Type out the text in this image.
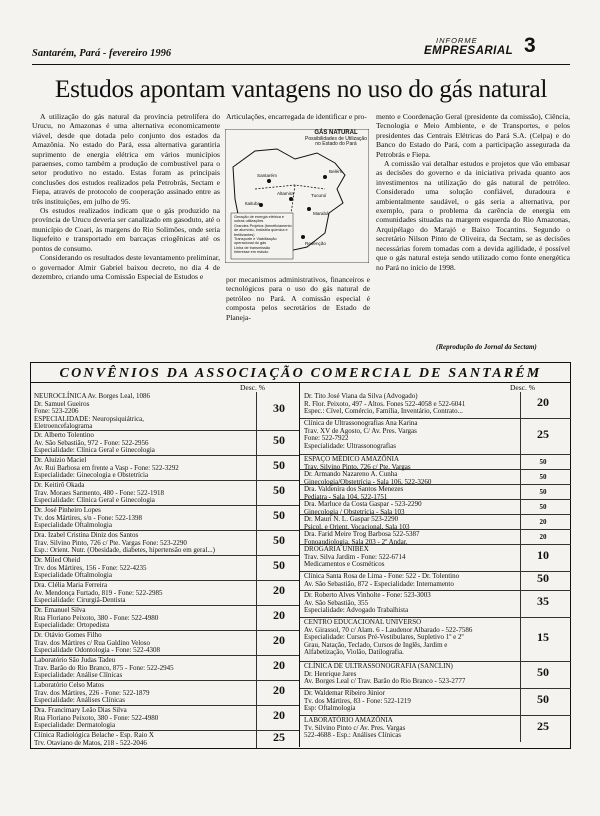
Santarém, Pará - fevereiro 1996
INFORME
EMPRESARIAL 3
Estudos apontam vantagens no uso do gás natural

A utilização do gás natural da província petrolífera do Urucu, no Amazonas é uma alternativa economicamente viável, desde que dotada pelo conjunto dos estados da Amazônia. No estado do Pará, essa alternativa garantiria suprimento de energia elétrica em vários municípios paraenses, como também a produção de combustível para o setor produtivo no estado. Estas foram as principais conclusões dos estudos realizados pela Petrobrás, Sectam e Fiepa, através de protocolo de cooperação assinado entre as três instituições, em julho de 95.

Os estudos realizados indicam que o gás produzido na província de Urucu deveria ser canalizado em gasoduto, até o município de Coari, às margens do Rio Solimões, onde seria liquefeito e transportado em barcaças criogênicas até os pontos de consumo.

Considerando os resultados deste levantamento preliminar, o governador Almir Gabriel baixou decreto, no dia 4 de dezembro, criando uma Comissão Especial de Estudos e

Articulações, encarregada de identificar e pro-

GÁS NATURAL
Possibilidades de Utilização no Estado do Pará
Santarém
Altamira
Marabá
Belém
Tucuruí
Itaituba
Redenção
Geração de energia elétrica e outras utilizações
Grandes Projetos (beneficiamento de alumínio, indústria química e fertilizantes)
Transporte e Viabilização operacional do gás
Linha de transmissão
Interesse em estudo

por mecanismos administrativos, financeiros e tecnológicos para o uso do gás natural de petróleo no Pará. A comissão especial é composta pelos secretários de Estado de Planeja-

mento e Coordenação Geral (presidente da comissão), Ciência, Tecnologia e Meio Ambiente, e de Transportes, e pelos presidentes das Centrais Elétricas do Pará S.A. (Celpa) e do Banco do Estado do Pará, com a participação assegurada da Petrobrás e Fiepa.

A comissão vai detalhar estudos e projetos que vão embasar as decisões do governo e da iniciativa privada quanto aos investimentos na utilização do gás natural de petróleo. Considerado uma solução confiável, duradoura e ambientalmente saudável, o gás seria a alternativa, por exemplo, para o problema da carência de energia em comunidades situadas na margem esquerda do Rio Amazonas, Arquipélago do Marajó e Baixo Tocantins. Segundo o secretário Nilson Pinto de Oliveira, da Sectam, se as decisões necessárias forem tomadas com a devida agilidade, é possível que o gás natural esteja sendo utilizado como fonte energética no Pará no início de 1998.

(Reprodução do Jornal da Sectam)
CONVÊNIOS DA ASSOCIAÇÃO COMERCIAL DE SANTARÉM
Desc. %	Desc. %
NEUROCLÍNICA Av. Borges Leal, 1086
Dr. Samuel Gueiros
Fone: 523-2206
ESPECIALIDADE: Neuropsiquiátrica,
Eletroencefalograma
30
Dr. Alberto Tolentino
Av. São Sebastião, 972 - Fone: 522-2956
Especialidade: Clínica Geral e Ginecologia
50
Dr. Aluízio Maciel
Av. Rui Barbosa em frente a Vasp - Fone: 522-3292
Especialidade: Ginecologia e Obstetrícia
50
Dr. Keitirô Okada
Trav. Moraes Sarmento, 480 - Fone: 522-1918
Especialidade: Clínica Geral e Ginecologia
50
Dr. José Pinheiro Lopes
Tv. dos Mártires, s/n - Fone: 522-1398
Especialidade Oftalmologia
50
Dra. Izabel Cristina Diniz dos Santos
Trav. Silvino Pinto, 726 c/ Pte. Vargas Fone: 523-2290
Esp.: Orient. Nutr. (Obesidade, diabetes, hipertensão em geral...)
50
Dr. Miled Oheid
Trv. dos Mártires, 156 - Fone: 522-4235
Especialidade Oftalmologia
50
Dra. Clélia Maria Ferreira
Av. Mendonça Furtado, 819 - Fone: 522-2985
Especialidade: Cirurgiã-Dentista
20
Dr. Emanuel Silva
Rua Floriano Peixoto, 380 - Fone: 522-4980
Especialidade: Ortopedista
20
Dr. Otávio Gomes Filho
Trav. dos Mártires c/ Rua Galdino Veloso
Especialidade Odontologia - Fone: 522-4308
20
Laboratório São Judas Tadeu
Trav. Barão do Rio Branco, 875 - Fone: 522-2945
Especialidade: Análise Clínicas
20
Laboratório Celso Matos
Trav. dos Mártires, 226 - Fone: 522-1879
Especialidade: Análises Clínicas
20
Dra. Francimary Leão Dias Silva
Rua Floriano Peixoto, 380 - Fone: 522-4980
Especialidade: Dermatologia
20
Clínica Radiológica Belache - Esp. Raio X
Trv. Otaviano de Matos, 218 - 522-2046	25
Dr. Tito José Viana da Silva (Advogado)
R. Flor. Peixoto, 497 - Altos. Fones 522-4058 e 522-6041
Espec.: Cível, Comércio, Família, Inventário, Contrato...
20
Clínica de Ultrassonografias Ana Karina
Trav. XV de Agosto, C/ Av. Pres. Vargas
Fone: 522-7922
Especialidade: Ultrassonografias
25
ESPAÇO MÉDICO AMAZÔNIA
Trav. Silvino Pinto, 726 c/ Pte. Vargas
50
Dr. Armando Nazareno A. Cunha
Ginecologia/Obstetrícia - Sala 106, 522-3260
50
Dra. Valdeníra dos Santos Menezes
Pediatra - Sala 104, 522-1751
50
Dra. Marluce da Costa Gaspar - 523-2290
Ginecologia / Obstetrícia - Sala 103
50
Dr. Mauri N. L. Gaspar 523-2290
Psicol. e Orient. Vocacional, Sala 103
20
Dra. Farid Meire Trog Barbosa 522-5387
Fonoaudiologia, Sala 203 - 2º Andar.
20
DROGARIA UNIBEX
Trav. Silva Jardim - Fone: 522-6714
Medicamentos e Cosméticos
10
Clínica Santa Rosa de Lima - Fone: 522 - Dr. Tolentino
Av. São Sebastião, 872 - Especialidade: Internamento	50
Dr. Roberto Alves Vinholte - Fone: 523-3003
Av. São Sebastião, 355
Especialidade: Advogado Trabalhista
35
CENTRO EDUCACIONAL UNIVERSO
Av. Girassol, 70 c/ Alam. 6 - Laudenor Albarado - 522-7586
Especialidade: Cursos Pré-Vestibulares, Supletivo 1º e 2º
Grau, Natação, Teclado, Cursos de Inglês, Jardim e
Alfabetização, Violão, Datilografia.
15
CLÍNICA DE ULTRASSONOGRAFIA (SANCLIN)
Dr. Henrique Jares
Av. Borges Leal c/ Trav. Barão do Rio Branco - 523-2777
50
Dr. Waldemar Ribeiro Júnior
Tv. dos Mártires, 83 - Fone: 522-1219
Esp: Oftalmologia
50
LABORATÓRIO AMAZÔNIA
Tv. Silvino Pinto c/ Av. Pres. Vargas
522-4688 - Esp.: Análises Clínicas
25
